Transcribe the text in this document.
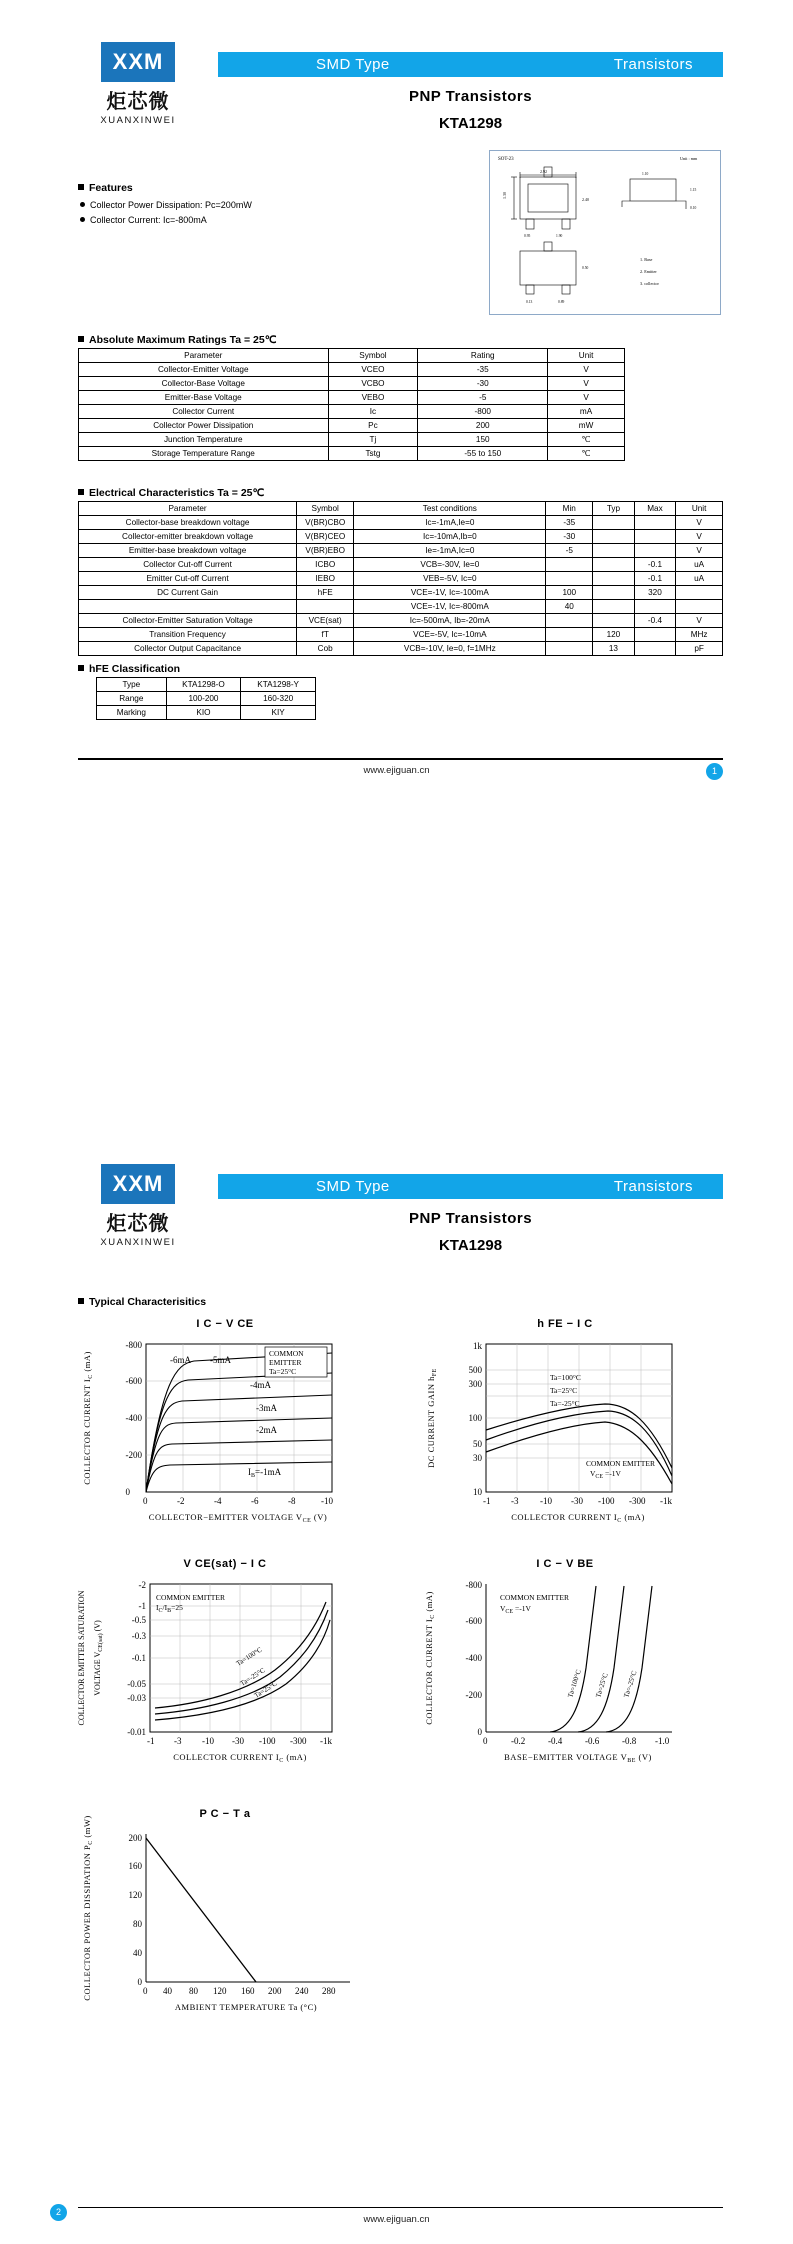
XXM
炬芯微
XUANXINWEI
SMD Type	Transistors
PNP Transistors
KTA1298
Features
Collector Power Dissipation: Pc=200mW
Collector Current: Ic=-800mA
SOT-23	Unit : mm
2.92
1.30
2.40
0.95	1.90
1.15
0.10
1.10
0.50
0.13	0.89
1. Base
2. Emitter
3. collector
Absolute Maximum Ratings Ta = 25℃
Parameter	Symbol	Rating	Unit
Collector-Emitter Voltage	VCEO	-35	V
Collector-Base Voltage	VCBO	-30	V
Emitter-Base Voltage	VEBO	-5	V
Collector Current	Ic	-800	mA
Collector Power Dissipation	Pc	200	mW
Junction Temperature	Tj	150	℃
Storage Temperature Range	Tstg	-55 to 150	℃
Electrical Characteristics Ta = 25℃
Parameter	Symbol	Test conditions	Min	Typ	Max	Unit
Collector-base breakdown voltage	V(BR)CBO	Ic=-1mA,Ie=0	-35			V
Collector-emitter breakdown voltage	V(BR)CEO	Ic=-10mA,Ib=0	-30			V
Emitter-base breakdown voltage	V(BR)EBO	Ie=-1mA,Ic=0	-5			V
Collector Cut-off Current	ICBO	VCB=-30V, Ie=0			-0.1	uA
Emitter Cut-off Current	IEBO	VEB=-5V, Ic=0			-0.1	uA
DC Current Gain	hFE	VCE=-1V, Ic=-100mA	100		320	
		VCE=-1V, Ic=-800mA	40			
Collector-Emitter Saturation Voltage	VCE(sat)	Ic=-500mA, Ib=-20mA			-0.4	V
Transition Frequency	fT	VCE=-5V, Ic=-10mA		120		MHz
Collector Output Capacitance	Cob	VCB=-10V, Ie=0, f=1MHz		13		pF
hFE Classification
Type	KTA1298-O	KTA1298-Y
Range	100-200	160-320
Marking	KIO	KIY
www.ejiguan.cn	1
XXM
炬芯微
XUANXINWEI
SMD Type	Transistors
PNP Transistors
KTA1298
Typical Characterisitics
I C − V CE
$I_B=-1mA$
-2mA
-3mA
-4mA
-5mA
-6mA
COMMON
EMITTER
Ta=25°C
0	-2	-4	-6	-8	-10
0
-200
-400
-600
-800
COLLECTOR−EMITTER VOLTAGE $V_{CE}$ (V)
COLLECTOR CURRENT $I_C$ (mA)
h FE − I C
Ta=100°C
Ta=25°C
Ta=-25°C
COMMON EMITTER
$V_{CE} =-1V$
-1 -3 -10 -30 -100 -300 -1k
10
30
50
100
300
500
1k
COLLECTOR CURRENT $I_C$ (mA)
DC CURRENT GAIN $h_{FE}$
V CE(sat) − I C
Ta=-25°C
Ta=25°C
Ta=100°C
COMMON EMITTER
$I_C/I_B=25$
-1 -3 -10 -30 -100 -300 -1k
-0.01
-0.03
-0.05
-0.1
-0.3
-0.5
-1
-2
COLLECTOR CURRENT $I_C$ (mA)
COLLECTOR EMITTER SATURATION VOLTAGE $V_{CE(sat)}$ (V)
I C − V BE
Ta=100°C Ta=25°C Ta=-25°C
COMMON EMITTER
$V_{CE} =-1V$
0	-0.2	-0.4	-0.6	-0.8 -1.0
0
-200
-400
-600
-800
BASE−EMITTER VOLTAGE $V_{BE}$ (V)
COLLECTOR CURRENT $I_C$ (mA)
P C − T a
0 40 80 120 160 200 240 280
0
40
80
120
160
200
AMBIENT TEMPERATURE Ta (°C)
COLLECTOR POWER DISSIPATION $P_C$ (mW)
www.ejiguan.cn
2
